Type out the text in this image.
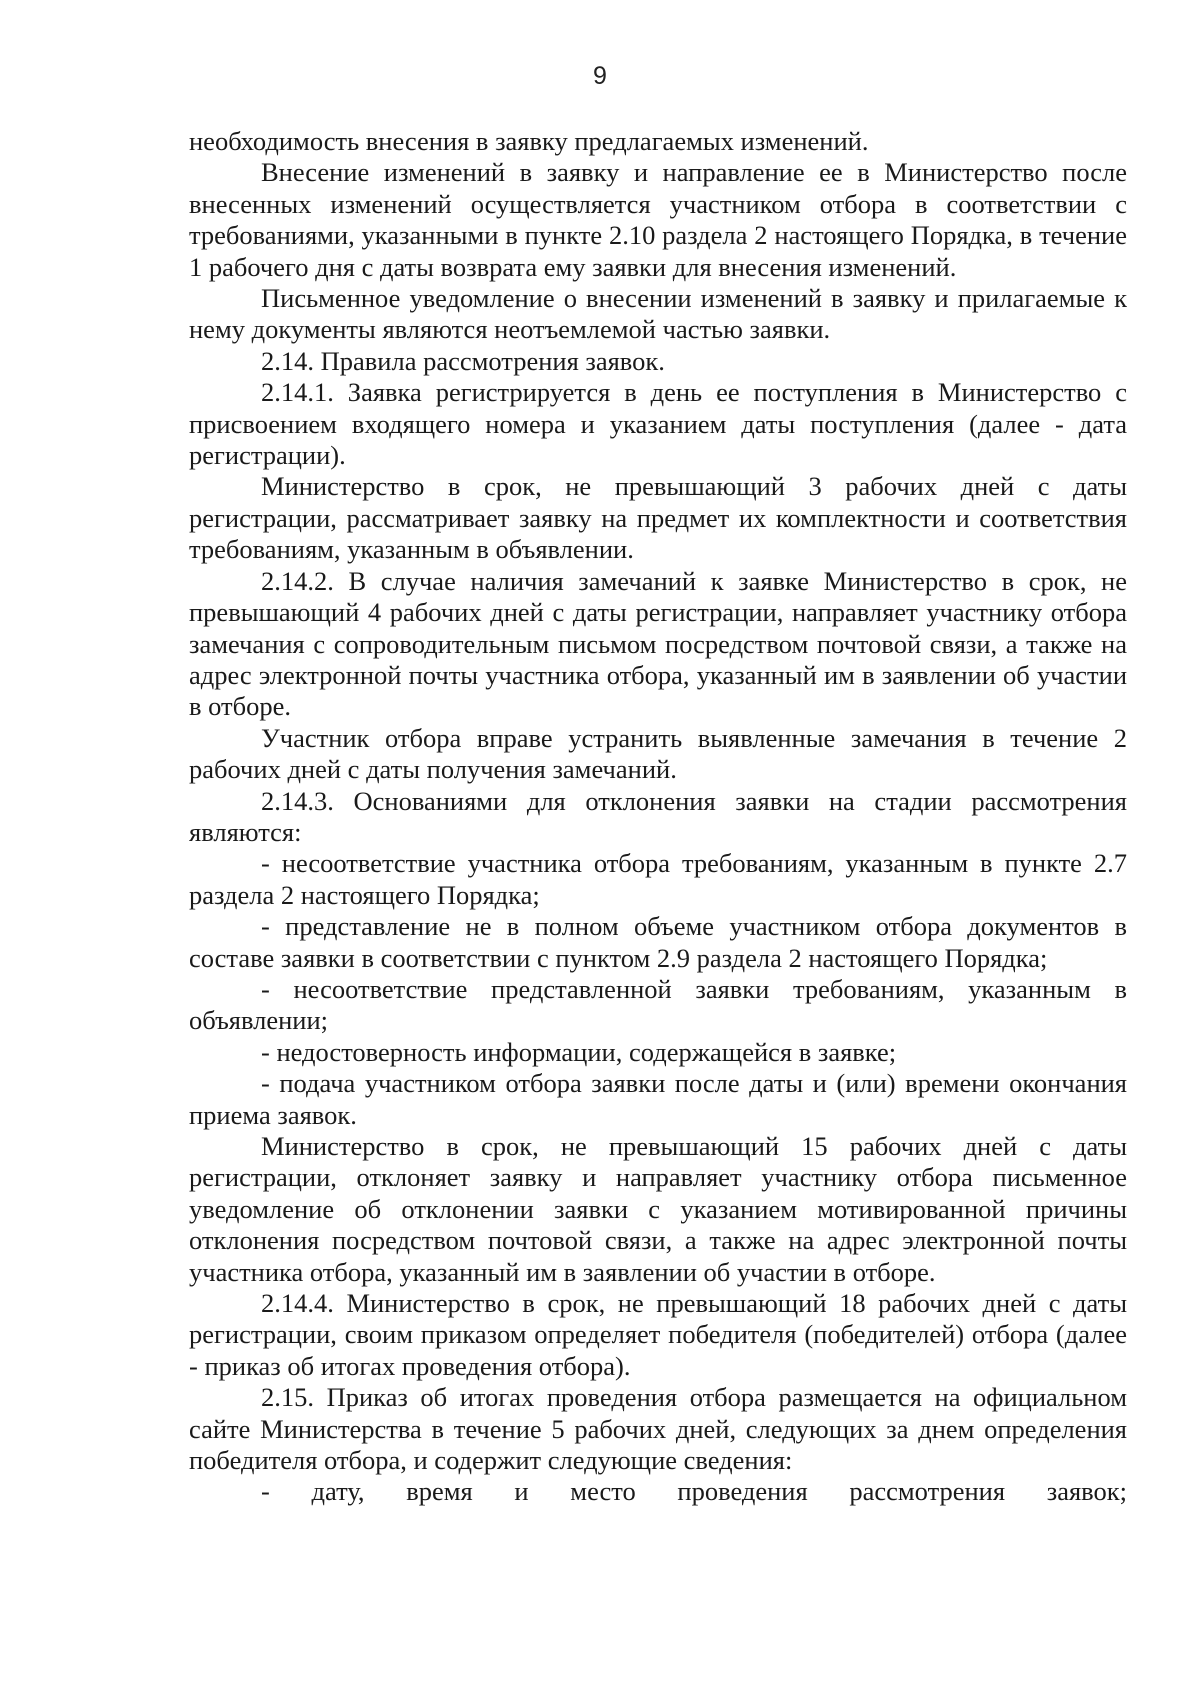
9

необходимость внесения в заявку предлагаемых изменений.

Внесение изменений в заявку и направление ее в Министерство после внесенных изменений осуществляется участником отбора в соответствии с требованиями, указанными в пункте 2.10 раздела 2 настоящего Порядка, в течение 1 рабочего дня с даты возврата ему заявки для внесения изменений.

Письменное уведомление о внесении изменений в заявку и прилагаемые к нему документы являются неотъемлемой частью заявки.

2.14. Правила рассмотрения заявок.

2.14.1. Заявка регистрируется в день ее поступления в Министерство с присвоением входящего номера и указанием даты поступления (далее - дата регистрации).

Министерство в срок, не превышающий 3 рабочих дней с даты регистрации, рассматривает заявку на предмет их комплектности и соответствия требованиям, указанным в объявлении.

2.14.2. В случае наличия замечаний к заявке Министерство в срок, не превышающий 4 рабочих дней с даты регистрации, направляет участнику отбора замечания с сопроводительным письмом посредством почтовой связи, а также на адрес электронной почты участника отбора, указанный им в заявлении об участии в отборе.

Участник отбора вправе устранить выявленные замечания в течение 2 рабочих дней с даты получения замечаний.

2.14.3. Основаниями для отклонения заявки на стадии рассмотрения являются:

- несоответствие участника отбора требованиям, указанным в пункте 2.7 раздела 2 настоящего Порядка;

- представление не в полном объеме участником отбора документов в составе заявки в соответствии с пунктом 2.9 раздела 2 настоящего Порядка;

- несоответствие представленной заявки требованиям, указанным в объявлении;

- недостоверность информации, содержащейся в заявке;

- подача участником отбора заявки после даты и (или) времени окончания приема заявок.

Министерство в срок, не превышающий 15 рабочих дней с даты регистрации, отклоняет заявку и направляет участнику отбора письменное уведомление об отклонении заявки с указанием мотивированной причины отклонения посредством почтовой связи, а также на адрес электронной почты участника отбора, указанный им в заявлении об участии в отборе.

2.14.4. Министерство в срок, не превышающий 18 рабочих дней с даты регистрации, своим приказом определяет победителя (победителей) отбора (далее - приказ об итогах проведения отбора).

2.15. Приказ об итогах проведения отбора размещается на официальном сайте Министерства в течение 5 рабочих дней, следующих за днем определения победителя отбора, и содержит следующие сведения:

- дату, время и место проведения рассмотрения заявок;
